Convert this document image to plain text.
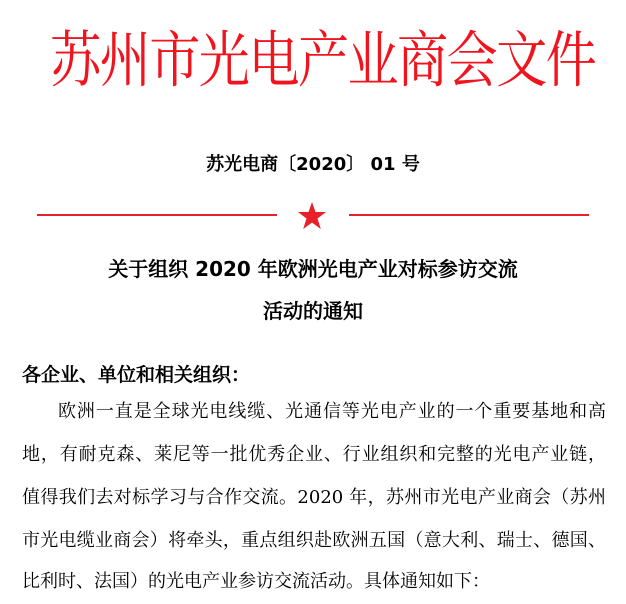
苏州市光电产业商会文件
苏光电商〔2020〕 01 号
关于组织 2020 年欧洲光电产业对标参访交流
活动的通知
各企业、单位和相关组织：
欧洲一直是全球光电线缆、光通信等光电产业的一个重要基地和高
地，有耐克森、莱尼等一批优秀企业、行业组织和完整的光电产业链，
值得我们去对标学习与合作交流。2020 年，苏州市光电产业商会（苏州
市光电缆业商会）将牵头，重点组织赴欧洲五国（意大利、瑞士、德国、
比利时、法国）的光电产业参访交流活动。具体通知如下：
